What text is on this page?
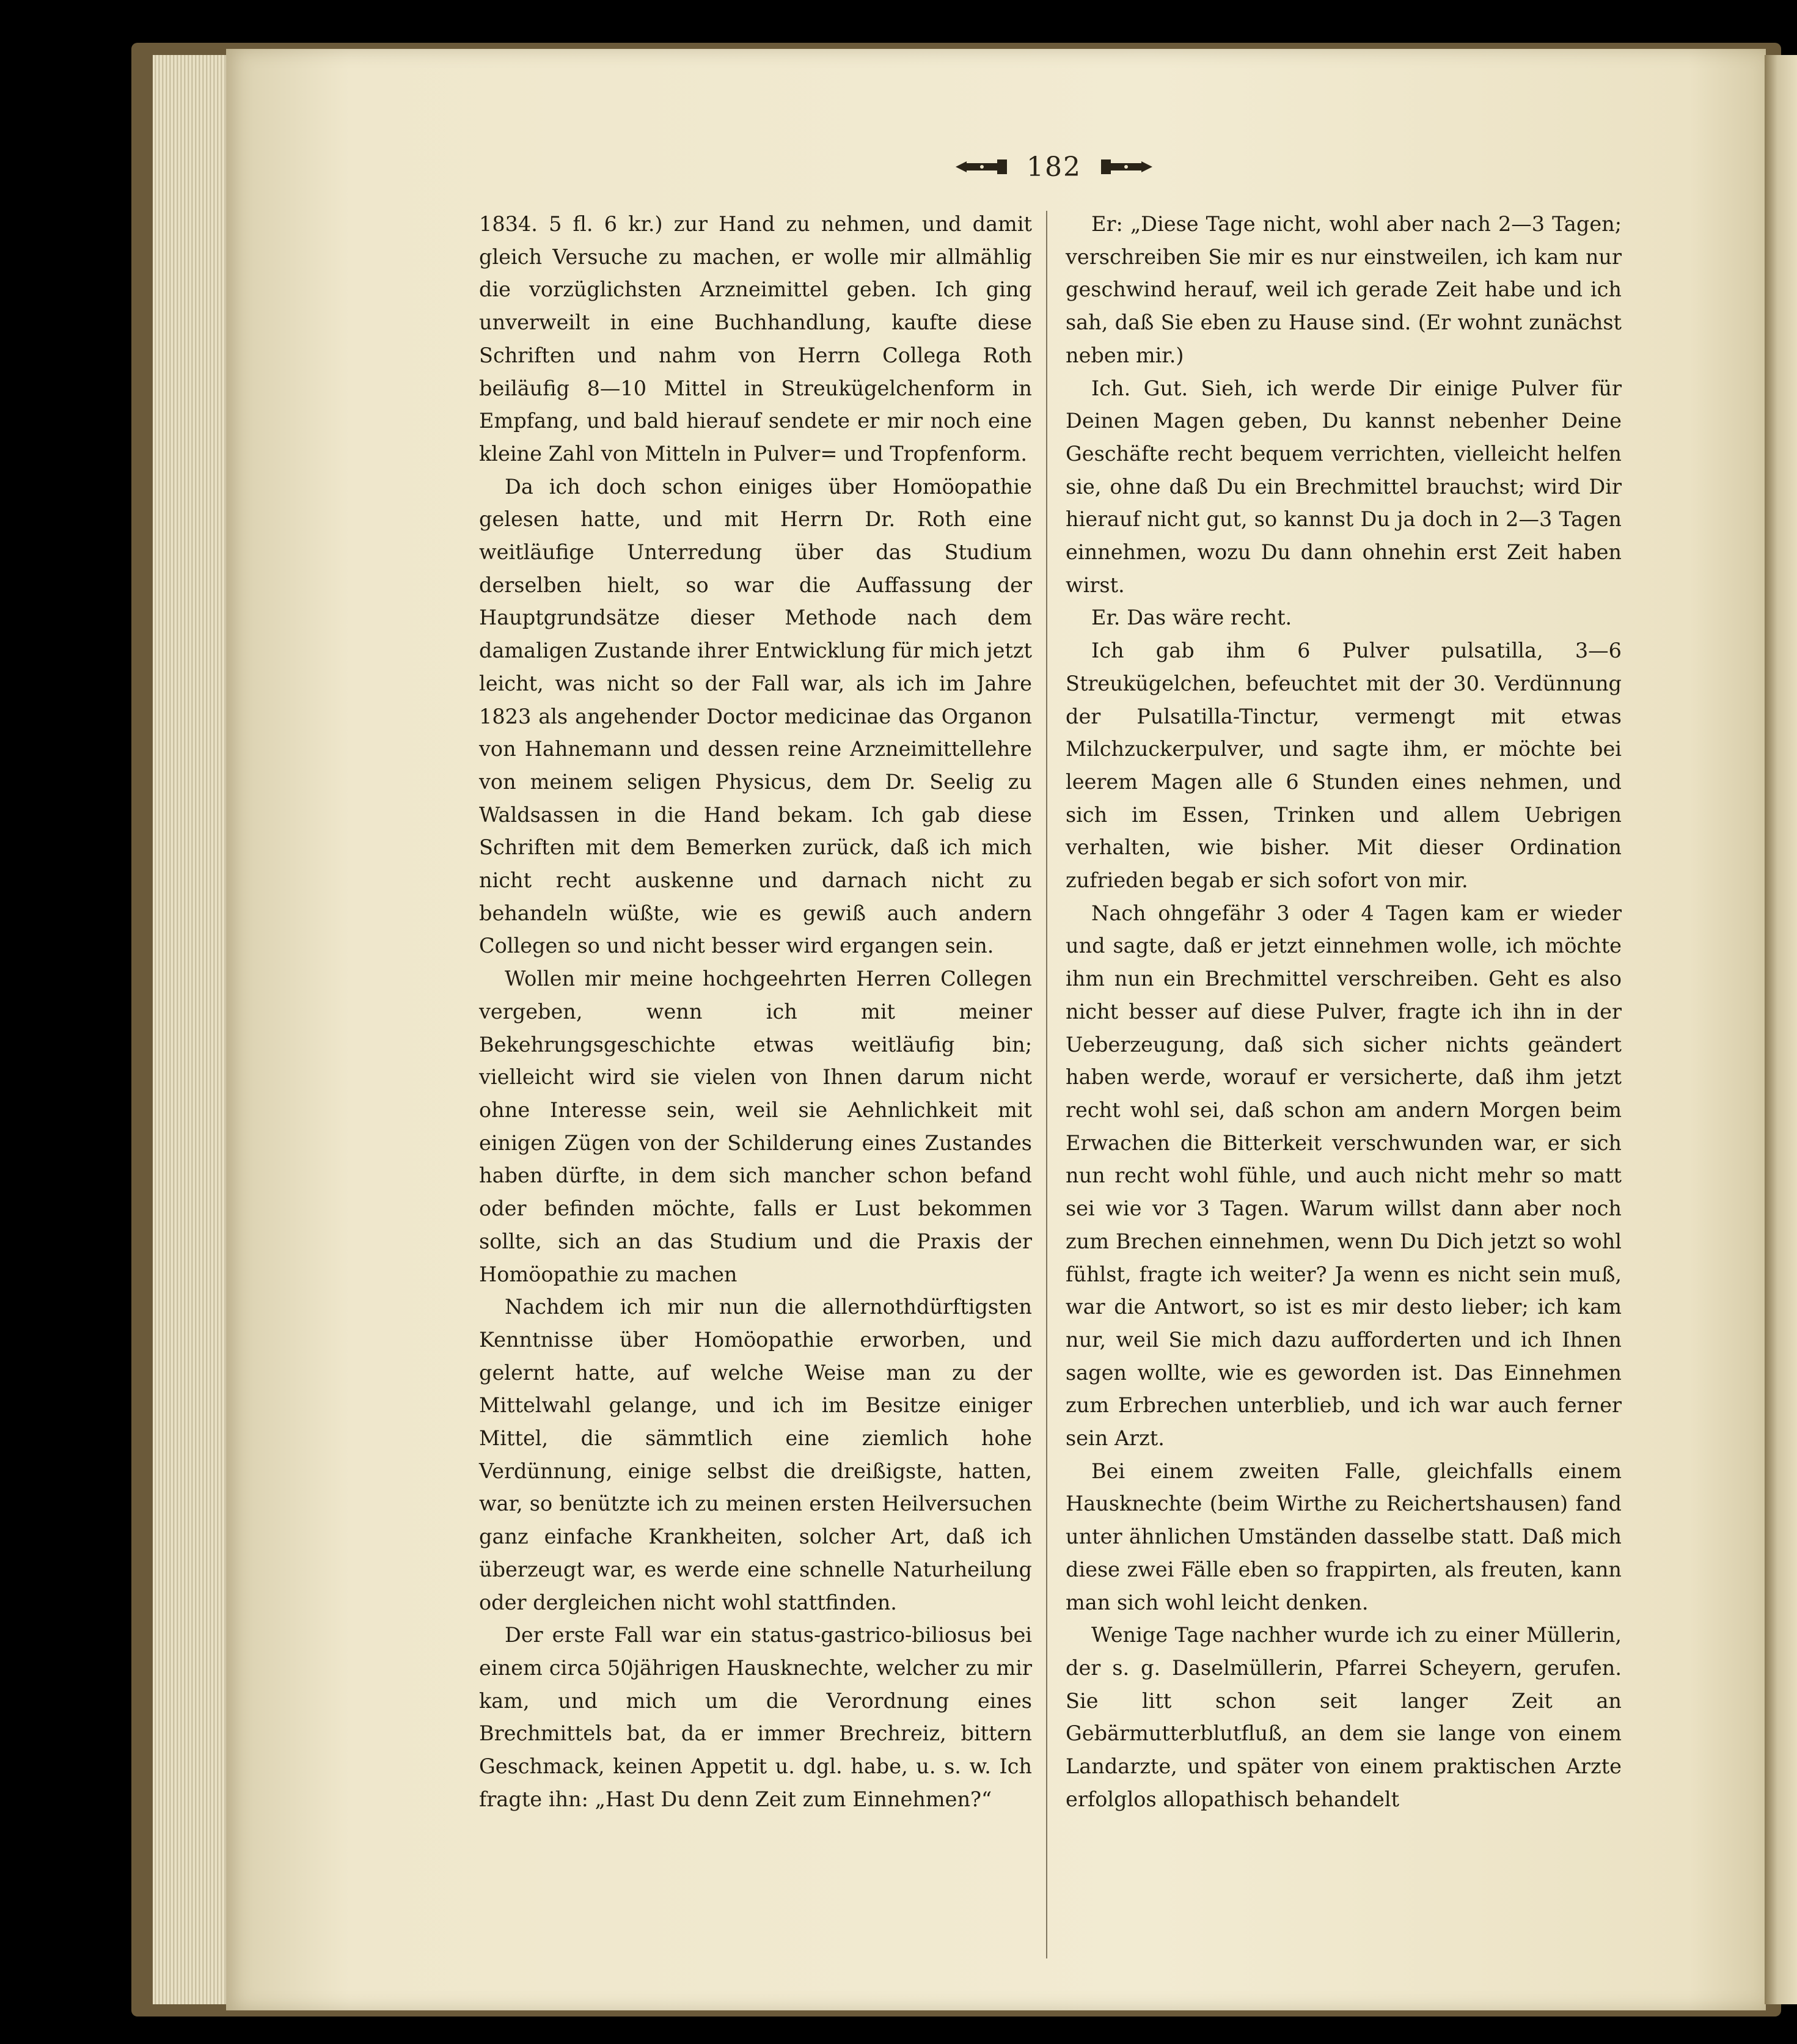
182

1834. 5 fl. 6 kr.) zur Hand zu nehmen, und damit gleich Versuche zu machen, er wolle mir allmählig die vorzüglichsten Arzneimittel geben. Ich ging unverweilt in eine Buchhandlung, kaufte diese Schriften und nahm von Herrn Collega Roth beiläufig 8—10 Mittel in Streukügelchenform in Empfang, und bald hierauf sendete er mir noch eine kleine Zahl von Mitteln in Pulver= und Tropfenform.

Da ich doch schon einiges über Homöopathie gelesen hatte, und mit Herrn Dr. Roth eine weitläufige Unterredung über das Studium derselben hielt, so war die Auffassung der Hauptgrundsätze dieser Methode nach dem damaligen Zustande ihrer Entwicklung für mich jetzt leicht, was nicht so der Fall war, als ich im Jahre 1823 als angehender Doctor medicinae das Organon von Hahnemann und dessen reine Arzneimittellehre von meinem seligen Physicus, dem Dr. Seelig zu Waldsassen in die Hand bekam. Ich gab diese Schriften mit dem Bemerken zurück, daß ich mich nicht recht auskenne und darnach nicht zu behandeln wüßte, wie es gewiß auch andern Collegen so und nicht besser wird ergangen sein.

Wollen mir meine hochgeehrten Herren Collegen vergeben, wenn ich mit meiner Bekehrungsgeschichte etwas weitläufig bin; vielleicht wird sie vielen von Ihnen darum nicht ohne Interesse sein, weil sie Aehnlichkeit mit einigen Zügen von der Schilderung eines Zustandes haben dürfte, in dem sich mancher schon befand oder befinden möchte, falls er Lust bekommen sollte, sich an das Studium und die Praxis der Homöopathie zu machen

Nachdem ich mir nun die allernothdürftigsten Kenntnisse über Homöopathie erworben, und gelernt hatte, auf welche Weise man zu der Mittelwahl gelange, und ich im Besitze einiger Mittel, die sämmtlich eine ziemlich hohe Verdünnung, einige selbst die dreißigste, hatten, war, so benützte ich zu meinen ersten Heilversuchen ganz einfache Krankheiten, solcher Art, daß ich überzeugt war, es werde eine schnelle Naturheilung oder dergleichen nicht wohl stattfinden.

Der erste Fall war ein status-gastrico-biliosus bei einem circa 50jährigen Hausknechte, welcher zu mir kam, und mich um die Verordnung eines Brechmittels bat, da er immer Brechreiz, bittern Geschmack, keinen Appetit u. dgl. habe, u. s. w. Ich fragte ihn: „Hast Du denn Zeit zum Einnehmen?“

Er: „Diese Tage nicht, wohl aber nach 2—3 Tagen; verschreiben Sie mir es nur einstweilen, ich kam nur geschwind herauf, weil ich gerade Zeit habe und ich sah, daß Sie eben zu Hause sind. (Er wohnt zunächst neben mir.)

Ich. Gut. Sieh, ich werde Dir einige Pulver für Deinen Magen geben, Du kannst nebenher Deine Geschäfte recht bequem verrichten, vielleicht helfen sie, ohne daß Du ein Brechmittel brauchst; wird Dir hierauf nicht gut, so kannst Du ja doch in 2—3 Tagen einnehmen, wozu Du dann ohnehin erst Zeit haben wirst.

Er. Das wäre recht.

Ich gab ihm 6 Pulver pulsatilla, 3—6 Streukügelchen, befeuchtet mit der 30. Verdünnung der Pulsatilla-Tinctur, vermengt mit etwas Milchzuckerpulver, und sagte ihm, er möchte bei leerem Magen alle 6 Stunden eines nehmen, und sich im Essen, Trinken und allem Uebrigen verhalten, wie bisher. Mit dieser Ordination zufrieden begab er sich sofort von mir.

Nach ohngefähr 3 oder 4 Tagen kam er wieder und sagte, daß er jetzt einnehmen wolle, ich möchte ihm nun ein Brechmittel verschreiben. Geht es also nicht besser auf diese Pulver, fragte ich ihn in der Ueberzeugung, daß sich sicher nichts geändert haben werde, worauf er versicherte, daß ihm jetzt recht wohl sei, daß schon am andern Morgen beim Erwachen die Bitterkeit verschwunden war, er sich nun recht wohl fühle, und auch nicht mehr so matt sei wie vor 3 Tagen. Warum willst dann aber noch zum Brechen einnehmen, wenn Du Dich jetzt so wohl fühlst, fragte ich weiter? Ja wenn es nicht sein muß, war die Antwort, so ist es mir desto lieber; ich kam nur, weil Sie mich dazu aufforderten und ich Ihnen sagen wollte, wie es geworden ist. Das Einnehmen zum Erbrechen unterblieb, und ich war auch ferner sein Arzt.

Bei einem zweiten Falle, gleichfalls einem Hausknechte (beim Wirthe zu Reichertshausen) fand unter ähnlichen Umständen dasselbe statt. Daß mich diese zwei Fälle eben so frappirten, als freuten, kann man sich wohl leicht denken.

Wenige Tage nachher wurde ich zu einer Müllerin, der s. g. Daselmüllerin, Pfarrei Scheyern, gerufen. Sie litt schon seit langer Zeit an Gebärmutterblutfluß, an dem sie lange von einem Landarzte, und später von einem praktischen Arzte erfolglos allopathisch behandelt
